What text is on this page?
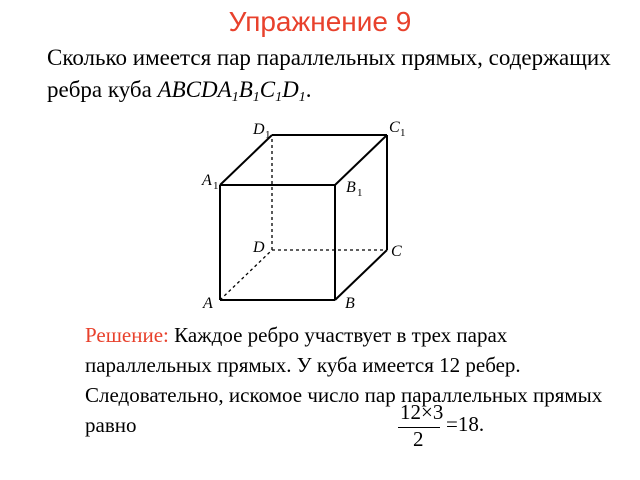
Упражнение 9
Сколько имеется пар параллельных прямых, содержащих ребра куба $ABCDA_1B_1C_1D_1$.
A	B
C
D
A 1	B 1
C 1
D 1
Решение: Каждое ребро участвует в трех парах параллельных прямых. У куба имеется 12 ребер. Следовательно, искомое число пар параллельных прямых равно
12×3
2
=18.
